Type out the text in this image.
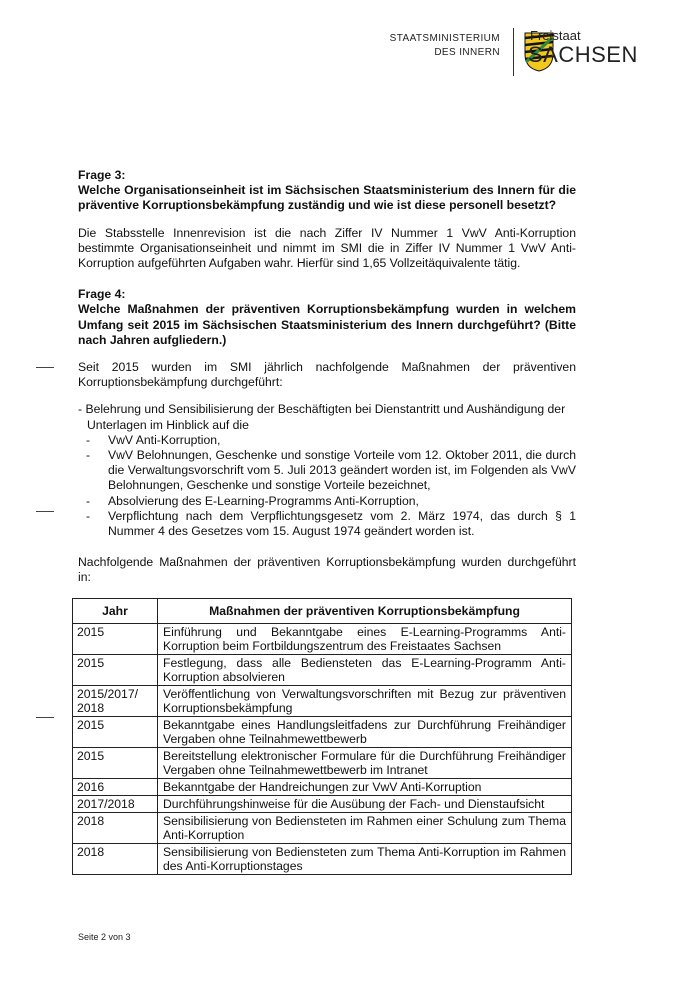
STAATSMINISTERIUM
DES INNERN
Freistaat
SACHSEN
Frage 3:
Welche Organisationseinheit ist im Sächsischen Staatsministerium des Innern für die präventive Korruptionsbekämpfung zuständig und wie ist diese personell besetzt?
Die Stabsstelle Innenrevision ist die nach Ziffer IV Nummer 1 VwV Anti-Korruption bestimmte Organisationseinheit und nimmt im SMI die in Ziffer IV Nummer 1 VwV Anti-Korruption aufgeführten Aufgaben wahr. Hierfür sind 1,65 Vollzeitäquivalente tätig.
Frage 4:
Welche Maßnahmen der präventiven Korruptionsbekämpfung wurden in welchem Umfang seit 2015 im Sächsischen Staatsministerium des Innern durchgeführt? (Bitte nach Jahren aufgliedern.)
Seit 2015 wurden im SMI jährlich nachfolgende Maßnahmen der präventiven Korruptionsbekämpfung durchgeführt:
- Belehrung und Sensibilisierung der Beschäftigten bei Dienstantritt und Aushändigung der Unterlagen im Hinblick auf die
- VwV Anti-Korruption,
- VwV Belohnungen, Geschenke und sonstige Vorteile vom 12. Oktober 2011, die durch die Verwaltungsvorschrift vom 5. Juli 2013 geändert worden ist, im Folgenden als VwV Belohnungen, Geschenke und sonstige Vorteile bezeichnet,
- Absolvierung des E-Learning-Programms Anti-Korruption,
- Verpflichtung nach dem Verpflichtungsgesetz vom 2. März 1974, das durch § 1 Nummer 4 des Gesetzes vom 15. August 1974 geändert worden ist.
Nachfolgende Maßnahmen der präventiven Korruptionsbekämpfung wurden durchgeführt in:
Jahr	Maßnahmen der präventiven Korruptionsbekämpfung
2015	Einführung und Bekanntgabe eines E-Learning-Programms Anti-Korruption beim Fortbildungszentrum des Freistaates Sachsen
2015	Festlegung, dass alle Bediensteten das E-Learning-Programm Anti-Korruption absolvieren
2015/2017/ 2018	Veröffentlichung von Verwaltungsvorschriften mit Bezug zur präventiven Korruptionsbekämpfung
2015	Bekanntgabe eines Handlungsleitfadens zur Durchführung Freihändiger Vergaben ohne Teilnahmewettbewerb
2015	Bereitstellung elektronischer Formulare für die Durchführung Freihändiger Vergaben ohne Teilnahmewettbewerb im Intranet
2016	Bekanntgabe der Handreichungen zur VwV Anti-Korruption
2017/2018	Durchführungshinweise für die Ausübung der Fach- und Dienstaufsicht
2018	Sensibilisierung von Bediensteten im Rahmen einer Schulung zum Thema Anti-Korruption
2018	Sensibilisierung von Bediensteten zum Thema Anti-Korruption im Rahmen des Anti-Korruptionstages
Seite 2 von 3
